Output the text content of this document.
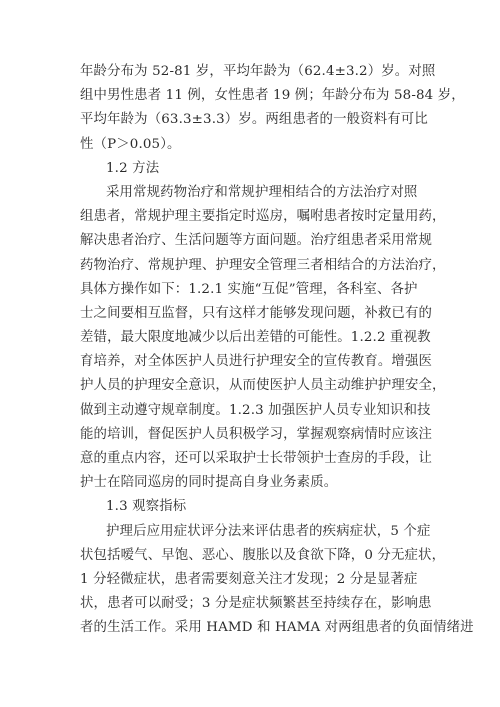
年龄分布为 52-81 岁，平均年龄为（62.4±3.2）岁。对照
组中男性患者 11 例，女性患者 19 例；年龄分布为 58-84 岁，
平均年龄为（63.3±3.3）岁。两组患者的一般资料有可比
性（P＞0.05）。
1.2 方法
采用常规药物治疗和常规护理相结合的方法治疗对照
组患者，常规护理主要指定时巡房，嘱咐患者按时定量用药，
解决患者治疗、生活问题等方面问题。治疗组患者采用常规
药物治疗、常规护理、护理安全管理三者相结合的方法治疗，
具体方操作如下：1.2.1 实施“互促”管理，各科室、各护
士之间要相互监督，只有这样才能够发现问题，补救已有的
差错，最大限度地减少以后出差错的可能性。1.2.2 重视教
育培养，对全体医护人员进行护理安全的宣传教育。增强医
护人员的护理安全意识，从而使医护人员主动维护护理安全，
做到主动遵守规章制度。1.2.3 加强医护人员专业知识和技
能的培训，督促医护人员积极学习，掌握观察病情时应该注
意的重点内容，还可以采取护士长带领护士查房的手段，让
护士在陪同巡房的同时提高自身业务素质。
1.3 观察指标
护理后应用症状评分法来评估患者的疾病症状，5 个症
状包括嗳气、早饱、恶心、腹胀以及食欲下降，0 分无症状，
1 分轻微症状，患者需要刻意关注才发现；2 分是显著症
状，患者可以耐受；3 分是症状频繁甚至持续存在，影响患
者的生活工作。采用 HAMD 和 HAMA 对两组患者的负面情绪进
